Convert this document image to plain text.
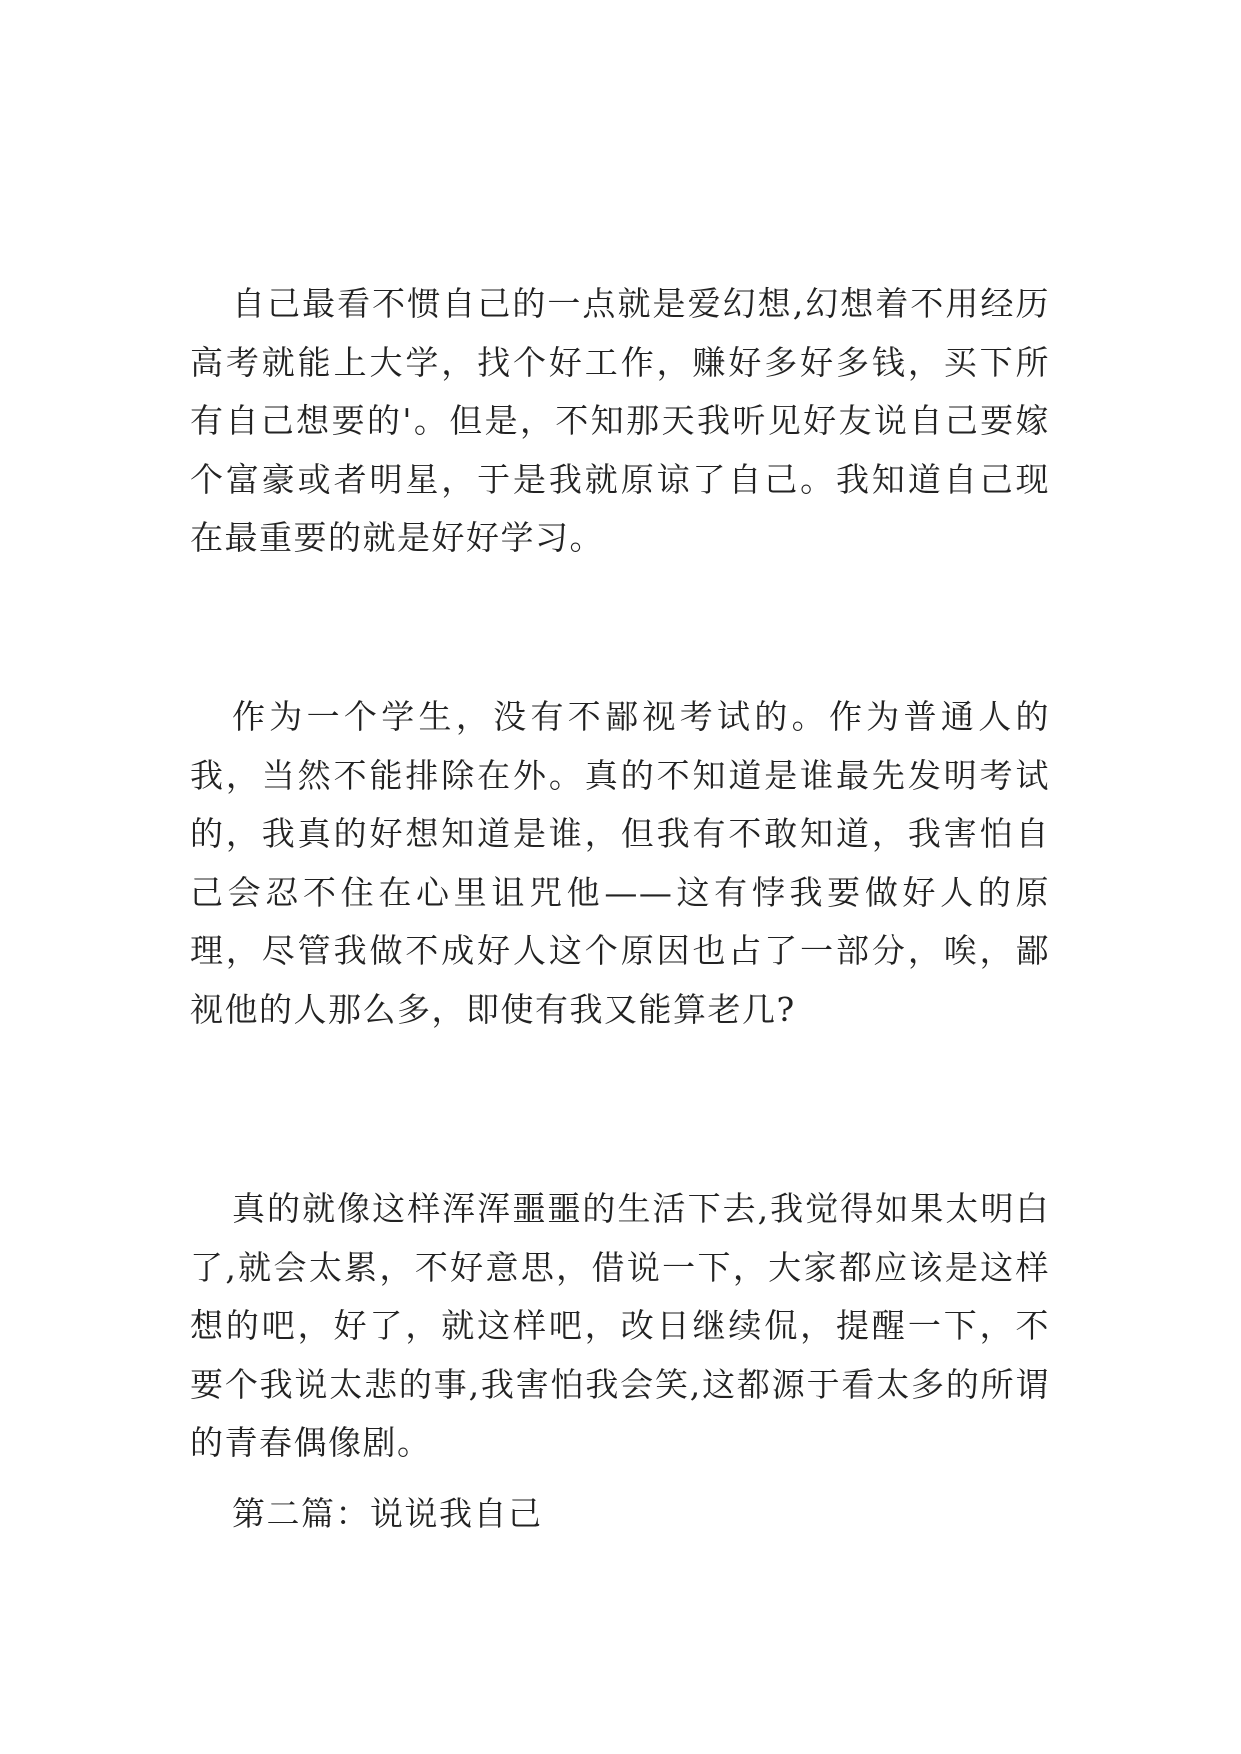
自己最看不惯自己的一点就是爱幻想,幻想着不用经历高考就能上大学，找个好工作，赚好多好多钱，买下所有自己想要的'。但是，不知那天我听见好友说自己要嫁个富豪或者明星，于是我就原谅了自己。我知道自己现在最重要的就是好好学习。

作为一个学生，没有不鄙视考试的。作为普通人的我，当然不能排除在外。真的不知道是谁最先发明考试的，我真的好想知道是谁，但我有不敢知道，我害怕自己会忍不住在心里诅咒他——这有悖我要做好人的原理，尽管我做不成好人这个原因也占了一部分，唉，鄙视他的人那么多，即使有我又能算老几?

真的就像这样浑浑噩噩的生活下去,我觉得如果太明白了,就会太累，不好意思，借说一下，大家都应该是这样想的吧，好了，就这样吧，改日继续侃，提醒一下，不要个我说太悲的事,我害怕我会笑,这都源于看太多的所谓的青春偶像剧。

第二篇：说说我自己
